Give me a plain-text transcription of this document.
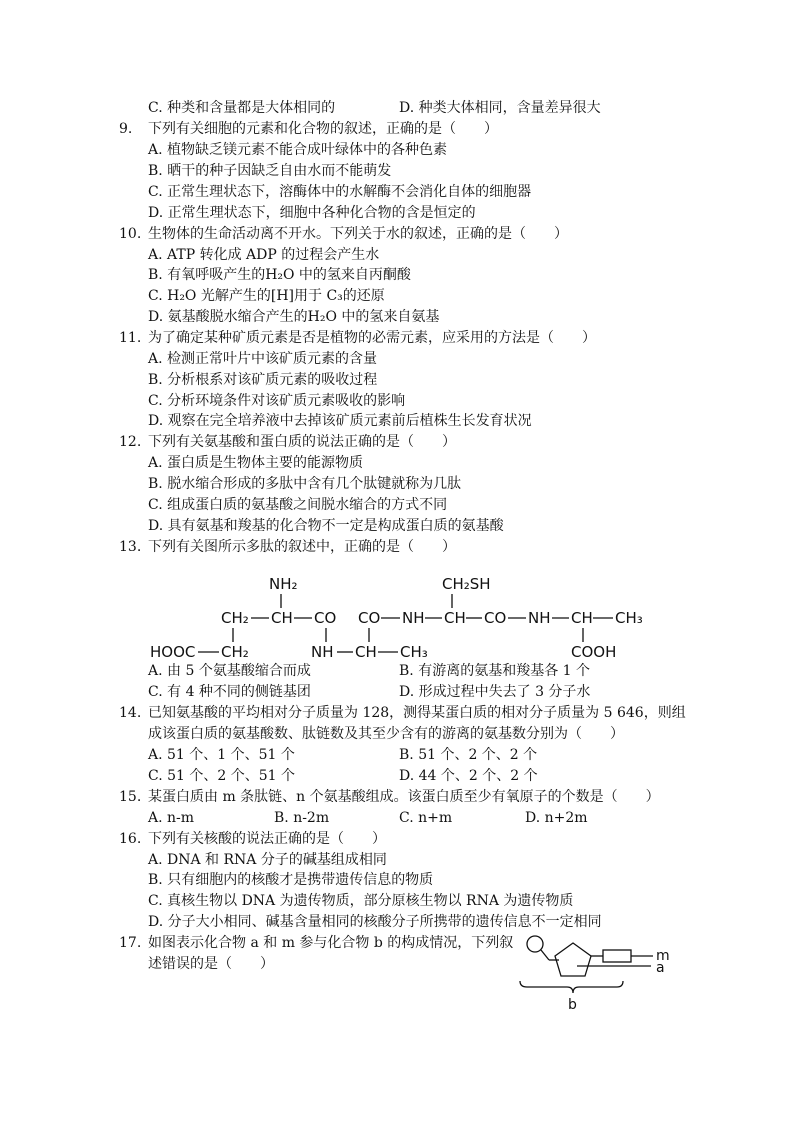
C. 种类和含量都是大体相同的	D. 种类大体相同，含量差异很大
9. 下列有关细胞的元素和化合物的叙述，正确的是（　　）
A. 植物缺乏镁元素不能合成叶绿体中的各种色素
B. 晒干的种子因缺乏自由水而不能萌发
C. 正常生理状态下，溶酶体中的水解酶不会消化自体的细胞器
D. 正常生理状态下，细胞中各种化合物的含是恒定的
10. 生物体的生命活动离不开水。下列关于水的叙述，正确的是（　　）
A. ATP 转化成 ADP 的过程会产生水
B. 有氧呼吸产生的H₂O 中的氢来自丙酮酸
C. H₂O 光解产生的[H]用于 C₃的还原
D. 氨基酸脱水缩合产生的H₂O 中的氢来自氨基
11. 为了确定某种矿质元素是否是植物的必需元素，应采用的方法是（　　）
A. 检测正常叶片中该矿质元素的含量
B. 分析根系对该矿质元素的吸收过程
C. 分析环境条件对该矿质元素吸收的影响
D. 观察在完全培养液中去掉该矿质元素前后植株生长发育状况
12. 下列有关氨基酸和蛋白质的说法正确的是（　　）
A. 蛋白质是生物体主要的能源物质
B. 脱水缩合形成的多肽中含有几个肽键就称为几肽
C. 组成蛋白质的氨基酸之间脱水缩合的方式不同
D. 具有氨基和羧基的化合物不一定是构成蛋白质的氨基酸
13. 下列有关图所示多肽的叙述中，正确的是（　　）
NH₂	CH₂SH
CH₂ CH CO CO NH CH CO NH CH CH₃
HOOC CH₂	NH CH CH₃	COOH
A. 由 5 个氨基酸缩合而成	B. 有游离的氨基和羧基各 1 个
C. 有 4 种不同的侧链基团	D. 形成过程中失去了 3 分子水
14. 已知氨基酸的平均相对分子质量为 128，测得某蛋白质的相对分子质量为 5 646，则组
成该蛋白质的氨基酸数、肽链数及其至少含有的游离的氨基数分别为（　　）
A. 51 个、1 个、51 个	B. 51 个、2 个、2 个
C. 51 个、2 个、51 个	D. 44 个、2 个、2 个
15. 某蛋白质由 m 条肽链、n 个氨基酸组成。该蛋白质至少有氧原子的个数是（　　）
A. n-m	B. n-2m	C. n+m	D. n+2m
16. 下列有关核酸的说法正确的是（　　）
A. DNA 和 RNA 分子的碱基组成相同
B. 只有细胞内的核酸才是携带遗传信息的物质
C. 真核生物以 DNA 为遗传物质，部分原核生物以 RNA 为遗传物质
D. 分子大小相同、碱基含量相同的核酸分子所携带的遗传信息不一定相同
17. 如图表示化合物 a 和 m 参与化合物 b 的构成情况，下列叙
述错误的是（　　）	m
a
b
